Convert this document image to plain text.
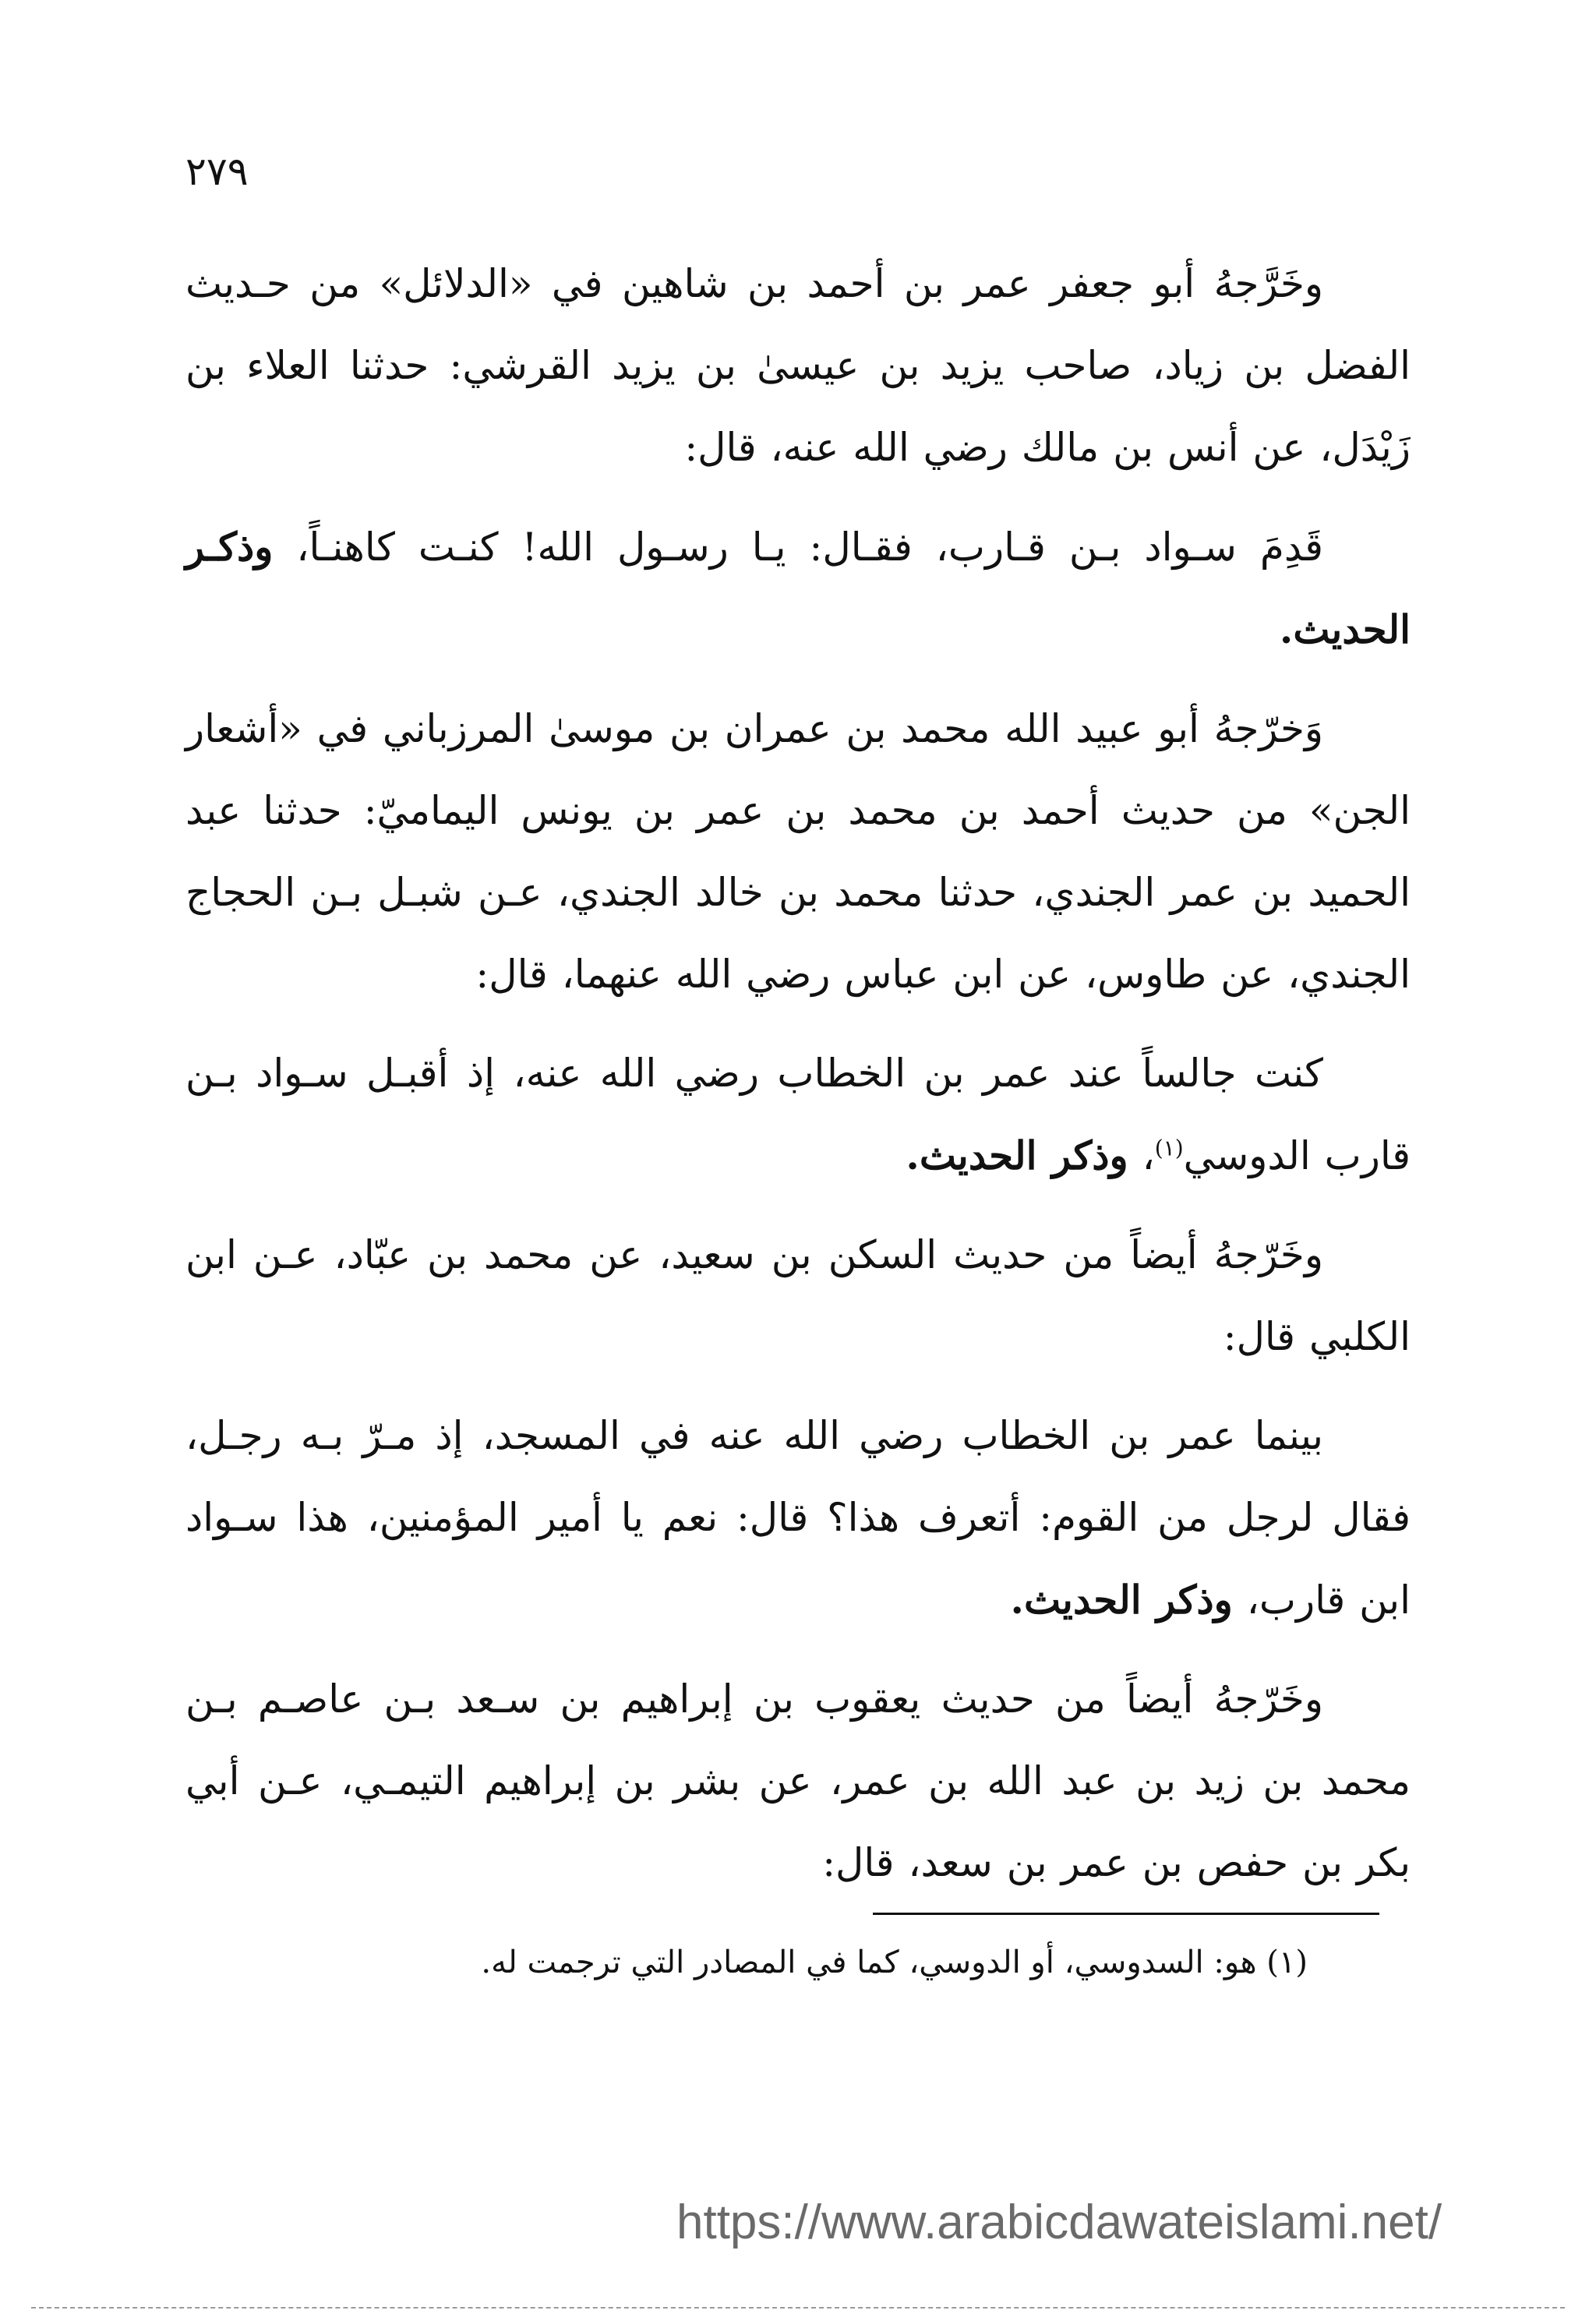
٢٧٩

وخَرَّجهُ أبو جعفر عمر بن أحمد بن شاهين في «الدلائل» من حـديث الفضل بن زياد، صاحب يزيد بن عيسىٰ بن يزيد القرشي: حدثنا العلاء بن زَيْدَل، عن أنس بن مالك رضي الله عنه، قال:

قَدِمَ سـواد بـن قـارب، فقـال: يـا رسـول الله! كنـت كاهنـاً، وذكـر الحديث.

وَخرّجهُ أبو عبيد الله محمد بن عمران بن موسىٰ المرزباني في «أشعار الجن» من حديث أحمد بن محمد بن عمر بن يونس اليماميّ: حدثنا عبد الحميد بن عمر الجندي، حدثنا محمد بن خالد الجندي، عـن شبـل بـن الحجاج الجندي، عن طاوس، عن ابن عباس رضي الله عنهما، قال:

كنت جالساً عند عمر بن الخطاب رضي الله عنه، إذ أقبـل سـواد بـن قارب الدوسي$^{(١)}$، وذكر الحديث.

وخَرّجهُ أيضاً من حديث السكن بن سعيد، عن محمد بن عبّاد، عـن ابن الكلبي قال:

بينما عمر بن الخطاب رضي الله عنه في المسجد، إذ مـرّ بـه رجـل، فقال لرجل من القوم: أتعرف هذا؟ قال: نعم يا أمير المؤمنين، هذا سـواد ابن قارب، وذكر الحديث.

وخَرّجهُ أيضاً من حديث يعقوب بن إبراهيم بن سـعد بـن عاصـم بـن محمد بن زيد بن عبد الله بن عمر، عن بشر بن إبراهيم التيمـي، عـن أبي بكر بن حفص بن عمر بن سعد، قال:

(١) هو: السدوسي، أو الدوسي، كما في المصادر التي ترجمت له.
https://www.arabicdawateislami.net/
